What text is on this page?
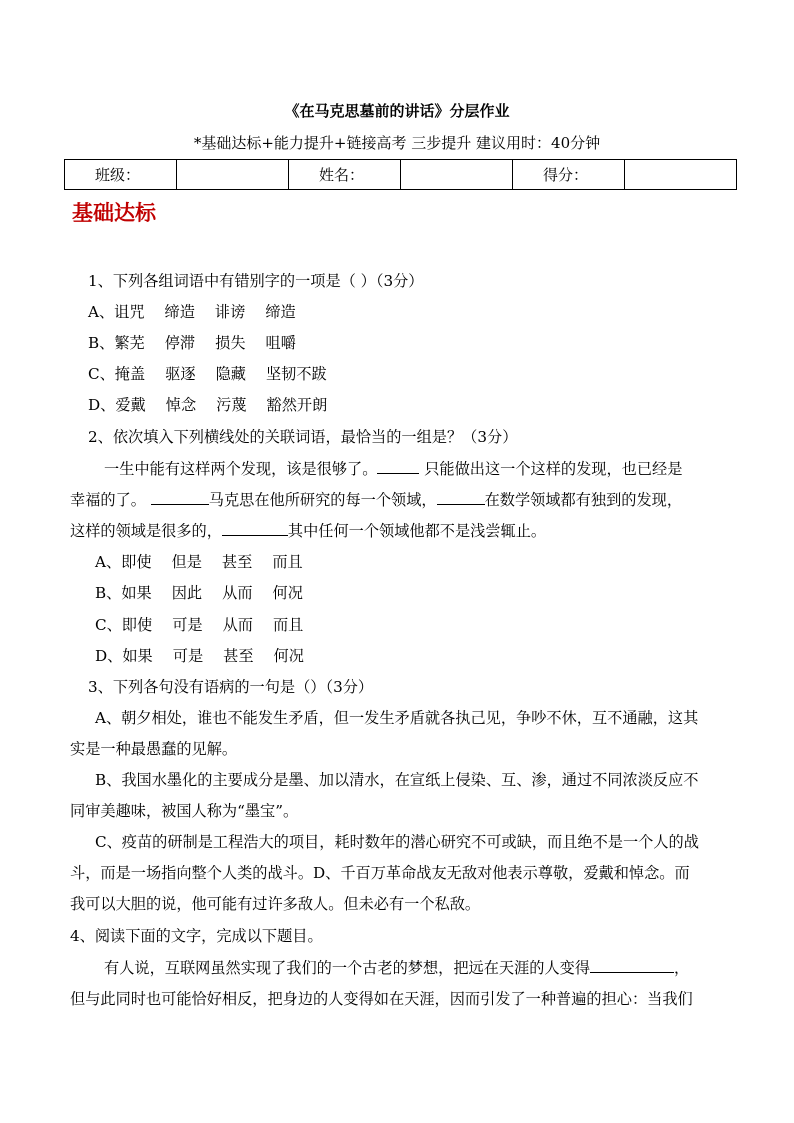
《在马克思墓前的讲话》分层作业
*基础达标+能力提升+链接高考 三步提升 建议用时：40分钟
班级：		姓名：		得分：	
基础达标
1、下列各组词语中有错别字的一项是（ ）（3分）
A、诅咒　 缔造　 诽谤　 缔造
B、繁芜　 停滞　 损失　 咀嚼
C、掩盖　 驱逐　 隐藏　 坚韧不跋
D、爱戴　 悼念　 污蔑　 豁然开朗
2、依次填入下列横线处的关联词语，最恰当的一组是？（3分）
一生中能有这样两个发现，该是很够了。	只能做出这一个这样的发现，也已经是
幸福的了。	马克思在他所研究的每一个领域，	在数学领域都有独到的发现，
这样的领域是很多的，	其中任何一个领域他都不是浅尝辄止。
A、即使　 但是　 甚至　 而且
B、如果　 因此　 从而　 何况
C、即使　 可是　 从而　 而且
D、如果　 可是　 甚至　 何况
3、下列各句没有语病的一句是（）（3分）
A、朝夕相处，谁也不能发生矛盾，但一发生矛盾就各执己见，争吵不休，互不通融，这其
实是一种最愚蠢的见解。
B、我国水墨化的主要成分是墨、加以清水，在宣纸上侵染、互、渗，通过不同浓淡反应不
同审美趣味，被国人称为“墨宝”。
C、疫苗的研制是工程浩大的项目，耗时数年的潜心研究不可或缺，而且绝不是一个人的战
斗，而是一场指向整个人类的战斗。D、千百万革命战友无敌对他表示尊敬，爱戴和悼念。而
我可以大胆的说，他可能有过许多敌人。但未必有一个私敌。
4、阅读下面的文字，完成以下题目。
有人说，互联网虽然实现了我们的一个古老的梦想，把远在天涯的人变得	，
但与此同时也可能恰好相反，把身边的人变得如在天涯，因而引发了一种普遍的担心：当我们
